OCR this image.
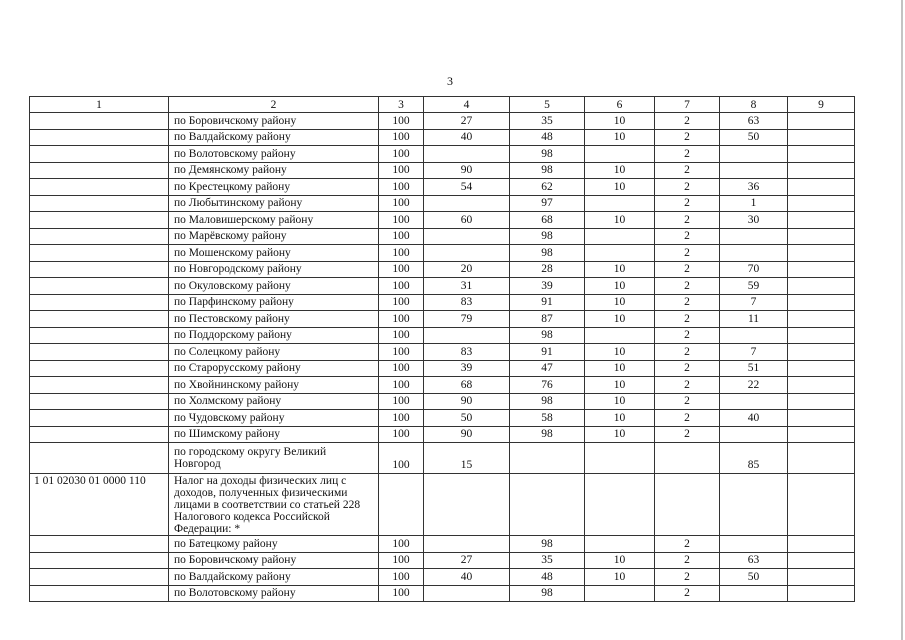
3
1	2	3	4	5	6	7	8	9
	по Боровичскому району	100	27	35	10	2	63	
	по Валдайскому району	100	40	48	10	2	50	
	по Волотовскому району	100		98		2		
	по Демянскому району	100	90	98	10	2		
	по Крестецкому району	100	54	62	10	2	36	
	по Любытинскому району	100		97		2	1	
	по Маловишерскому району	100	60	68	10	2	30	
	по Марёвскому району	100		98		2		
	по Мошенскому району	100		98		2		
	по Новгородскому району	100	20	28	10	2	70	
	по Окуловскому району	100	31	39	10	2	59	
	по Парфинскому району	100	83	91	10	2	7	
	по Пестовскому району	100	79	87	10	2	11	
	по Поддорскому району	100		98		2		
	по Солецкому району	100	83	91	10	2	7	
	по Старорусскому району	100	39	47	10	2	51	
	по Хвойнинскому району	100	68	76	10	2	22	
	по Холмскому району	100	90	98	10	2		
	по Чудовскому району	100	50	58	10	2	40	
	по Шимскому району	100	90	98	10	2		
	по городскому округу Великий Новгород	100	15				85	
1 01 02030 01 0000 110	Налог на доходы физических лиц с доходов, полученных физическими лицами в соответствии со статьей 228 Налогового кодекса Российской Федерации: *							
	по Батецкому району	100		98		2		
	по Боровичскому району	100	27	35	10	2	63	
	по Валдайскому району	100	40	48	10	2	50	
	по Волотовскому району	100		98		2		
